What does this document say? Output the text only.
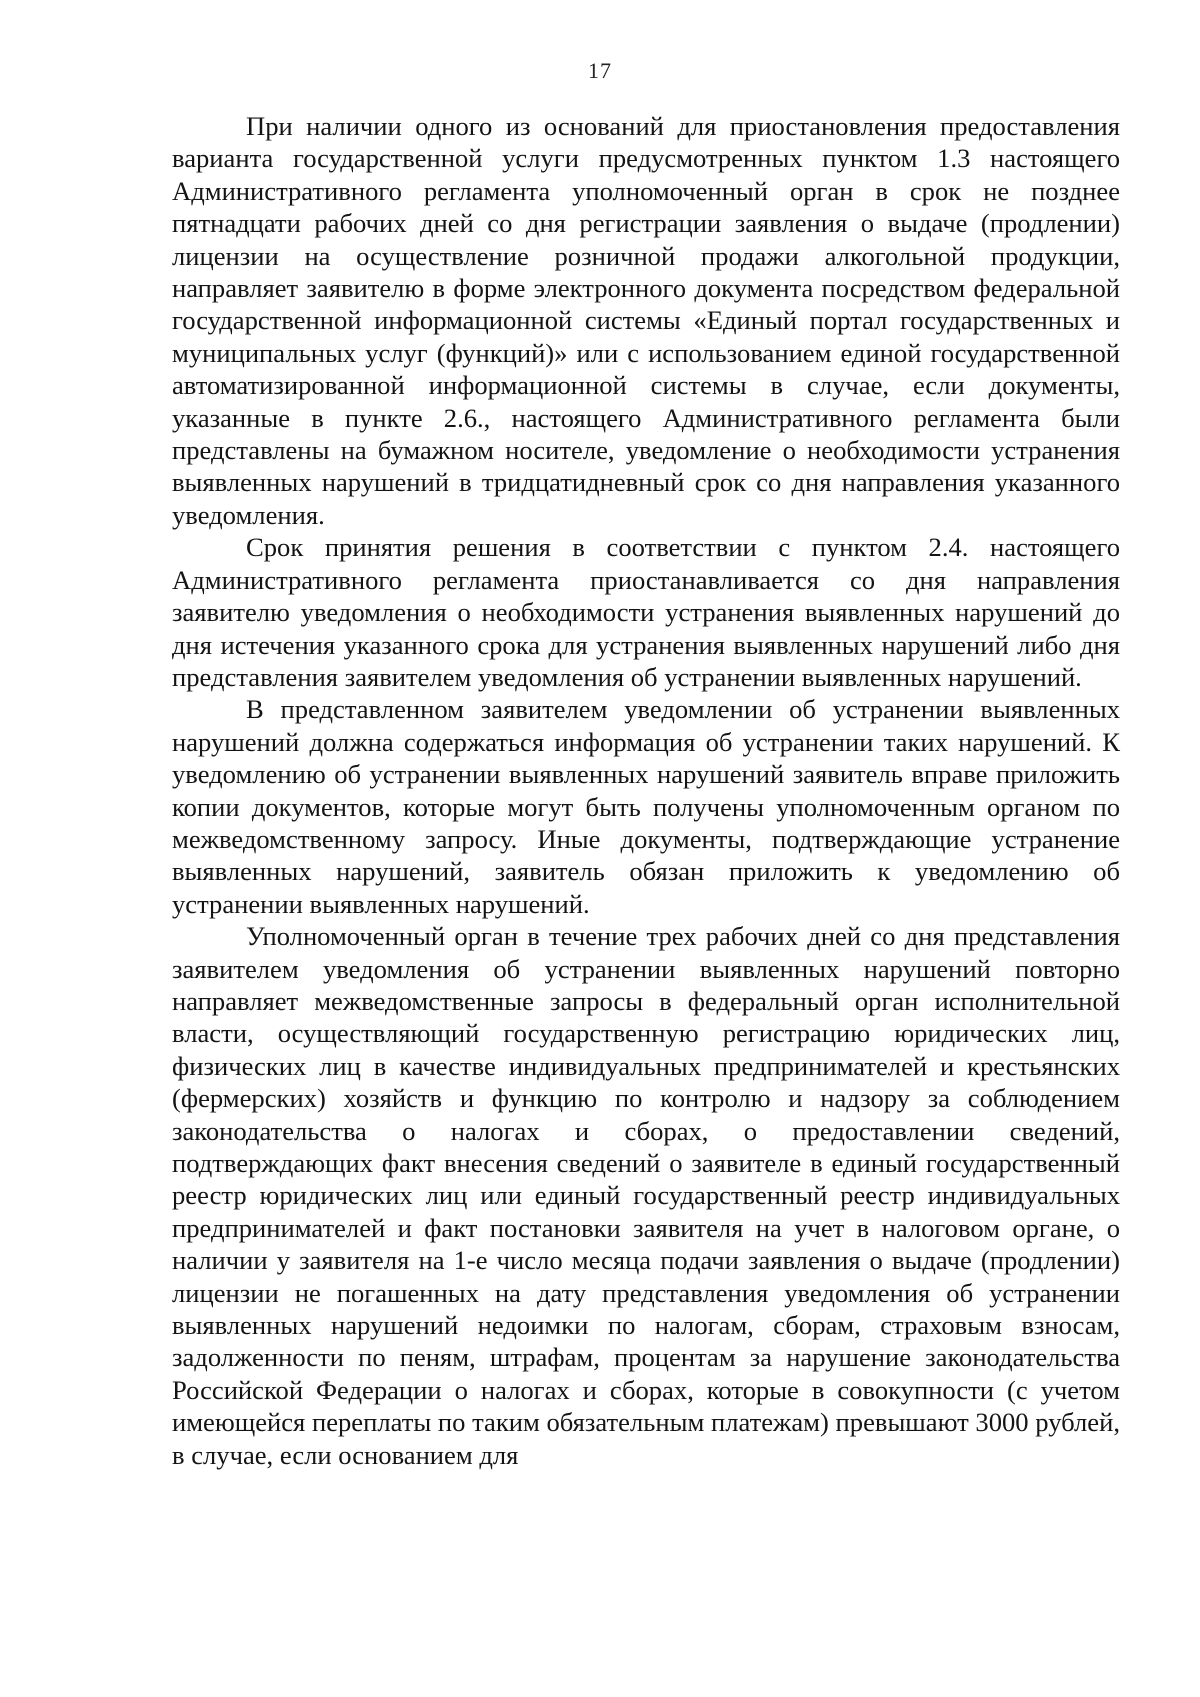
17

При наличии одного из оснований для приостановления предоставления варианта государственной услуги предусмотренных пунктом 1.3 настоящего Административного регламента уполномоченный орган в срок не позднее пятнадцати рабочих дней со дня регистрации заявления о выдаче (продлении) лицензии на осуществление розничной продажи алкогольной продукции, направляет заявителю в форме электронного документа посредством федеральной государственной информационной системы «Единый портал государственных и муниципальных услуг (функций)» или с использованием единой государственной автоматизированной информационной системы в случае, если документы, указанные в пункте 2.6., настоящего Административного регламента были представлены на бумажном носителе, уведомление о необходимости устранения выявленных нарушений в тридцатидневный срок со дня направления указанного уведомления.

Срок принятия решения в соответствии с пунктом 2.4. настоящего Административного регламента приостанавливается со дня направления заявителю уведомления о необходимости устранения выявленных нарушений до дня истечения указанного срока для устранения выявленных нарушений либо дня представления заявителем уведомления об устранении выявленных нарушений.

В представленном заявителем уведомлении об устранении выявленных нарушений должна содержаться информация об устранении таких нарушений. К уведомлению об устранении выявленных нарушений заявитель вправе приложить копии документов, которые могут быть получены уполномоченным органом по межведомственному запросу. Иные документы, подтверждающие устранение выявленных нарушений, заявитель обязан приложить к уведомлению об устранении выявленных нарушений.

Уполномоченный орган в течение трех рабочих дней со дня представления заявителем уведомления об устранении выявленных нарушений повторно направляет межведомственные запросы в федеральный орган исполнительной власти, осуществляющий государственную регистрацию юридических лиц, физических лиц в качестве индивидуальных предпринимателей и крестьянских (фермерских) хозяйств и функцию по контролю и надзору за соблюдением законодательства о налогах и сборах, о предоставлении сведений, подтверждающих факт внесения сведений о заявителе в единый государственный реестр юридических лиц или единый государственный реестр индивидуальных предпринимателей и факт постановки заявителя на учет в налоговом органе, о наличии у заявителя на 1-е число месяца подачи заявления о выдаче (продлении) лицензии не погашенных на дату представления уведомления об устранении выявленных нарушений недоимки по налогам, сборам, страховым взносам, задолженности по пеням, штрафам, процентам за нарушение законодательства Российской Федерации о налогах и сборах, которые в совокупности (с учетом имеющейся переплаты по таким обязательным платежам) превышают 3000 рублей, в случае, если основанием для
